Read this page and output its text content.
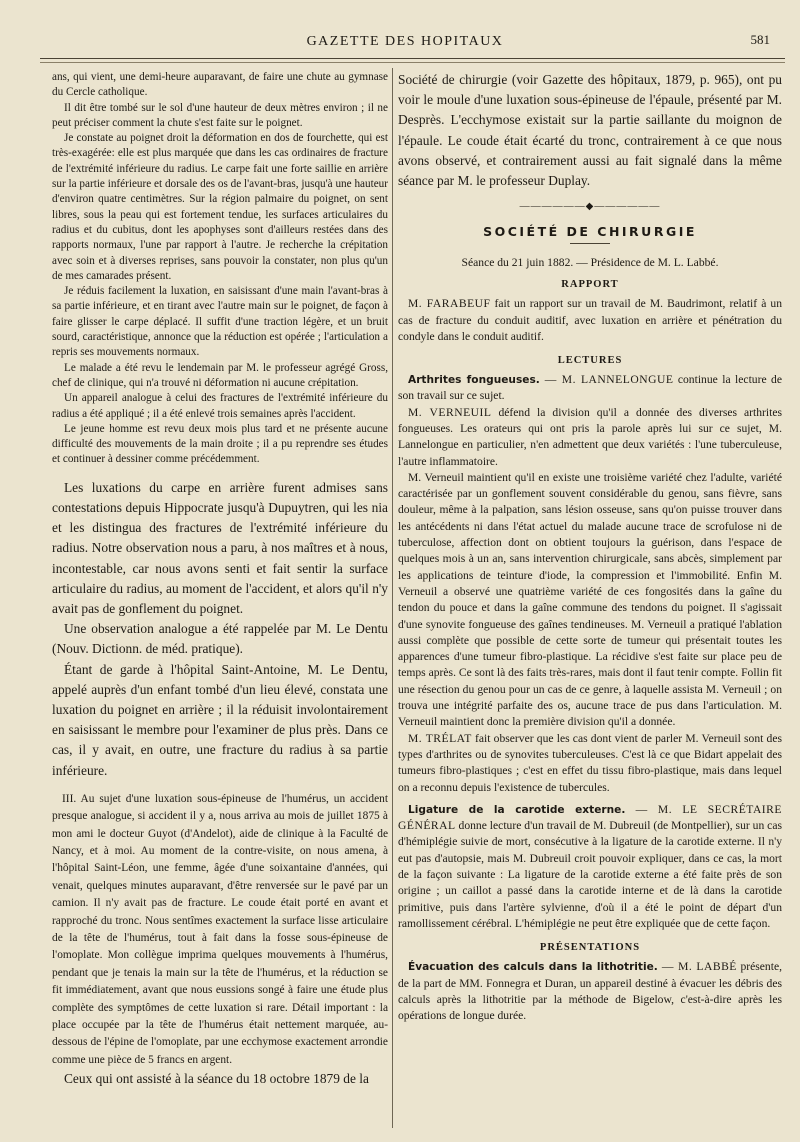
GAZETTE DES HOPITAUX	581

ans, qui vient, une demi-heure auparavant, de faire une chute au gymnase du Cercle catholique.

Il dit être tombé sur le sol d'une hauteur de deux mètres environ ; il ne peut préciser comment la chute s'est faite sur le poignet.

Je constate au poignet droit la déformation en dos de fourchette, qui est très-exagérée: elle est plus marquée que dans les cas ordinaires de fracture de l'extrémité inférieure du radius. Le carpe fait une forte saillie en arrière sur la partie inférieure et dorsale des os de l'avant-bras, jusqu'à une hauteur d'environ quatre centimètres. Sur la région palmaire du poignet, on sent libres, sous la peau qui est fortement tendue, les surfaces articulaires du radius et du cubitus, dont les apophyses sont d'ailleurs restées dans des rapports normaux, l'une par rapport à l'autre. Je recherche la crépitation avec soin et à diverses reprises, sans pouvoir la constater, non plus qu'un de mes camarades présent.

Je réduis facilement la luxation, en saisissant d'une main l'avant-bras à sa partie inférieure, et en tirant avec l'autre main sur le poignet, de façon à faire glisser le carpe déplacé. Il suffit d'une traction légère, et un bruit sourd, caractéristique, annonce que la réduction est opérée ; l'articulation a repris ses mouvements normaux.

Le malade a été revu le lendemain par M. le professeur agrégé Gross, chef de clinique, qui n'a trouvé ni déformation ni aucune crépitation.

Un appareil analogue à celui des fractures de l'extrémité inférieure du radius a été appliqué ; il a été enlevé trois semaines après l'accident.

Le jeune homme est revu deux mois plus tard et ne présente aucune difficulté des mouvements de la main droite ; il a pu reprendre ses études et continuer à dessiner comme précédemment.

Les luxations du carpe en arrière furent admises sans contestations depuis Hippocrate jusqu'à Dupuytren, qui les nia et les distingua des fractures de l'extrémité inférieure du radius. Notre observation nous a paru, à nos maîtres et à nous, incontestable, car nous avons senti et fait sentir la surface articulaire du radius, au moment de l'accident, et alors qu'il n'y avait pas de gonflement du poignet.

Une observation analogue a été rappelée par M. Le Dentu (Nouv. Dictionn. de méd. pratique).

Étant de garde à l'hôpital Saint-Antoine, M. Le Dentu, appelé auprès d'un enfant tombé d'un lieu élevé, constata une luxation du poignet en arrière ; il la réduisit involontairement en saisissant le membre pour l'examiner de plus près. Dans ce cas, il y avait, en outre, une fracture du radius à sa partie inférieure.

III. Au sujet d'une luxation sous-épineuse de l'humérus, un accident presque analogue, si accident il y a, nous arriva au mois de juillet 1875 à mon ami le docteur Guyot (d'Andelot), aide de clinique à la Faculté de Nancy, et à moi. Au moment de la contre-visite, on nous amena, à l'hôpital Saint-Léon, une femme, âgée d'une soixantaine d'années, qui venait, quelques minutes auparavant, d'être renversée sur le pavé par un camion. Il n'y avait pas de fracture. Le coude était porté en avant et rapproché du tronc. Nous sentîmes exactement la surface lisse articulaire de la tête de l'humérus, tout à fait dans la fosse sous-épineuse de l'omoplate. Mon collègue imprima quelques mouvements à l'humérus, pendant que je tenais la main sur la tête de l'humérus, et la réduction se fit immédiatement, avant que nous eussions songé à faire une étude plus complète des symptômes de cette luxation si rare. Détail important : la place occupée par la tête de l'humérus était nettement marquée, au-dessous de l'épine de l'omoplate, par une ecchymose exactement arrondie comme une pièce de 5 francs en argent.

Ceux qui ont assisté à la séance du 18 octobre 1879 de la

Société de chirurgie (voir Gazette des hôpitaux, 1879, p. 965), ont pu voir le moule d'une luxation sous-épineuse de l'épaule, présenté par M. Desprès. L'ecchymose existait sur la partie saillante du moignon de l'épaule. Le coude était écarté du tronc, contrairement à ce que nous avons observé, et contrairement aussi au fait signalé dans la même séance par M. le professeur Duplay.

——————◆——————
SOCIÉTÉ DE CHIRURGIE
Séance du 21 juin 1882. — Présidence de M. L. Labbé.
RAPPORT

M. FARABEUF fait un rapport sur un travail de M. Baudrimont, relatif à un cas de fracture du conduit auditif, avec luxation en arrière et pénétration du condyle dans le conduit auditif.

LECTURES

Arthrites fongueuses. — M. LANNELONGUE continue la lecture de son travail sur ce sujet.

M. VERNEUIL défend la division qu'il a donnée des diverses arthrites fongueuses. Les orateurs qui ont pris la parole après lui sur ce sujet, M. Lannelongue en particulier, n'en admettent que deux variétés : l'une tuberculeuse, l'autre inflammatoire.

M. Verneuil maintient qu'il en existe une troisième variété chez l'adulte, variété caractérisée par un gonflement souvent considérable du genou, sans fièvre, sans douleur, même à la palpation, sans lésion osseuse, sans qu'on puisse trouver dans les antécédents ni dans l'état actuel du malade aucune trace de scrofulose ni de tuberculose, affection dont on obtient toujours la guérison, dans l'espace de quelques mois à un an, sans intervention chirurgicale, sans abcès, simplement par les applications de teinture d'iode, la compression et l'immobilité. Enfin M. Verneuil a observé une quatrième variété de ces fongosités dans la gaîne du tendon du pouce et dans la gaîne commune des tendons du poignet. Il s'agissait d'une synovite fongueuse des gaînes tendineuses. M. Verneuil a pratiqué l'ablation aussi complète que possible de cette sorte de tumeur qui présentait toutes les apparences d'une tumeur fibro-plastique. La récidive s'est faite sur place peu de temps après. Ce sont là des faits très-rares, mais dont il faut tenir compte. Follin fit une résection du genou pour un cas de ce genre, à laquelle assista M. Verneuil ; on trouva une intégrité parfaite des os, aucune trace de pus dans l'articulation. M. Verneuil maintient donc la première division qu'il a donnée.

M. TRÉLAT fait observer que les cas dont vient de parler M. Verneuil sont des types d'arthrites ou de synovites tuberculeuses. C'est là ce que Bidart appelait des tumeurs fibro-plastiques ; c'est en effet du tissu fibro-plastique, mais dans lequel on a reconnu depuis l'existence de tubercules.

Ligature de la carotide externe. — M. LE SECRÉTAIRE GÉNÉRAL donne lecture d'un travail de M. Dubreuil (de Montpellier), sur un cas d'hémiplégie suivie de mort, consécutive à la ligature de la carotide externe. Il n'y eut pas d'autopsie, mais M. Dubreuil croit pouvoir expliquer, dans ce cas, la mort de la façon suivante : La ligature de la carotide externe a été faite près de son origine ; un caillot a passé dans la carotide interne et de là dans la carotide primitive, puis dans l'artère sylvienne, d'où il a été le point de départ d'un ramollissement cérébral. L'hémiplégie ne peut être expliquée que de cette façon.

PRÉSENTATIONS

Évacuation des calculs dans la lithotritie. — M. LABBÉ présente, de la part de MM. Fonnegra et Duran, un appareil destiné à évacuer les débris des calculs après la lithotritie par la méthode de Bigelow, c'est-à-dire après les opérations de longue durée.
